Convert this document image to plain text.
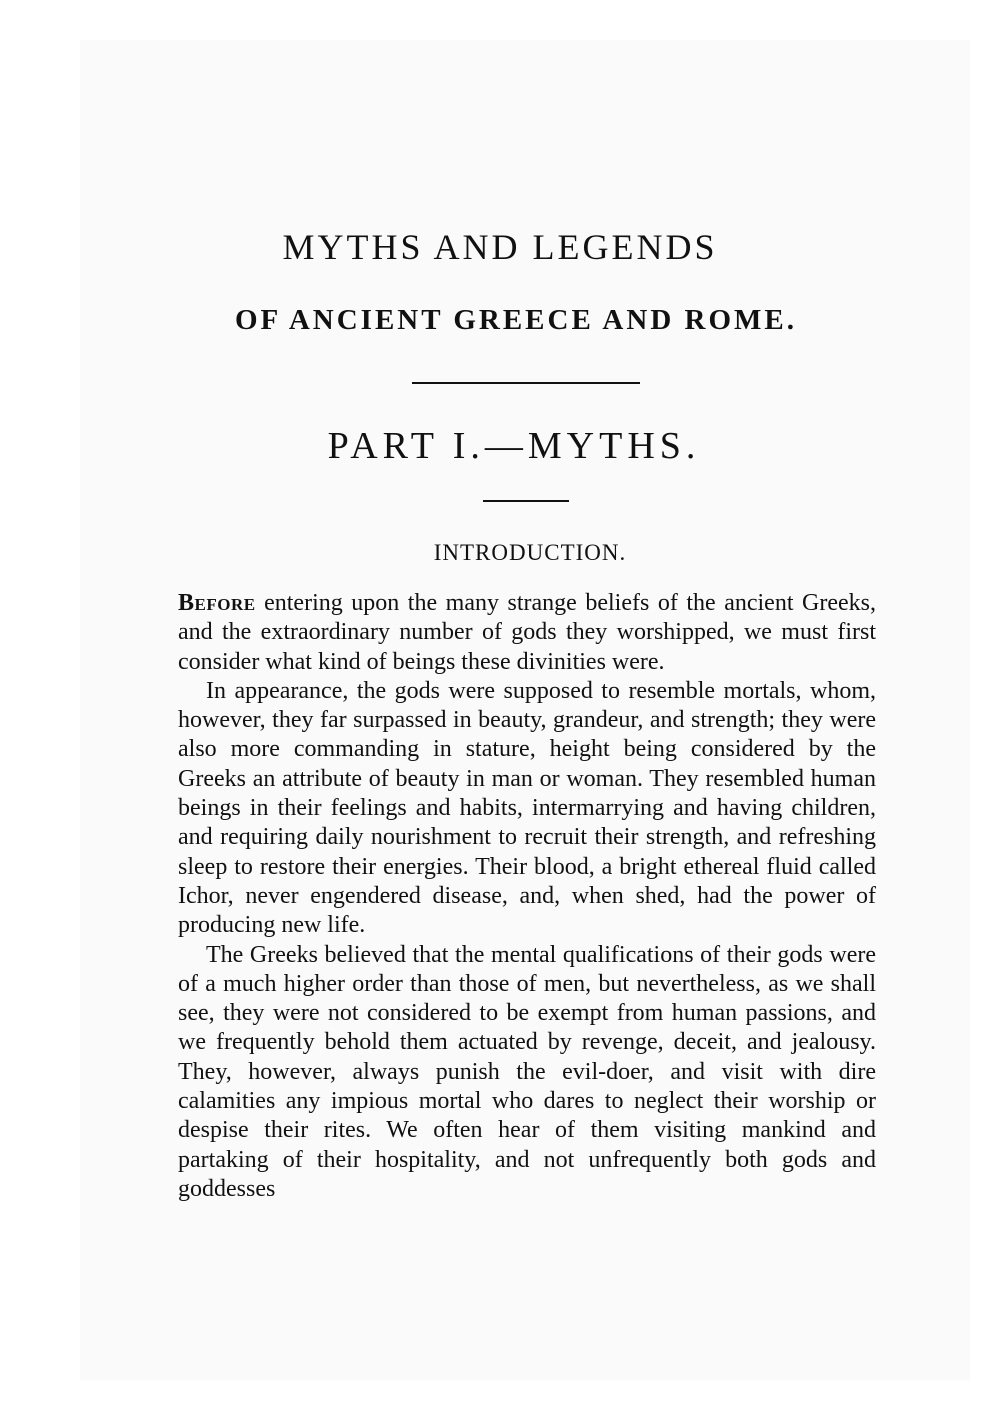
MYTHS AND LEGENDS
OF ANCIENT GREECE AND ROME.
PART I.—MYTHS.
INTRODUCTION.

Before entering upon the many strange beliefs of the ancient Greeks, and the extraordinary number of gods they worshipped, we must first consider what kind of beings these divinities were.

In appearance, the gods were supposed to resemble mortals, whom, however, they far surpassed in beauty, grandeur, and strength; they were also more commanding in stature, height being considered by the Greeks an attribute of beauty in man or woman. They resembled human beings in their feelings and habits, intermarrying and having children, and requiring daily nourishment to recruit their strength, and refreshing sleep to restore their energies. Their blood, a bright ethereal fluid called Ichor, never engendered disease, and, when shed, had the power of producing new life.

The Greeks believed that the mental qualifications of their gods were of a much higher order than those of men, but nevertheless, as we shall see, they were not considered to be exempt from human passions, and we frequently behold them actuated by revenge, deceit, and jealousy. They, however, always punish the evil-doer, and visit with dire calamities any impious mortal who dares to neglect their worship or despise their rites. We often hear of them visiting mankind and partaking of their hospitality, and not unfrequently both gods and goddesses
